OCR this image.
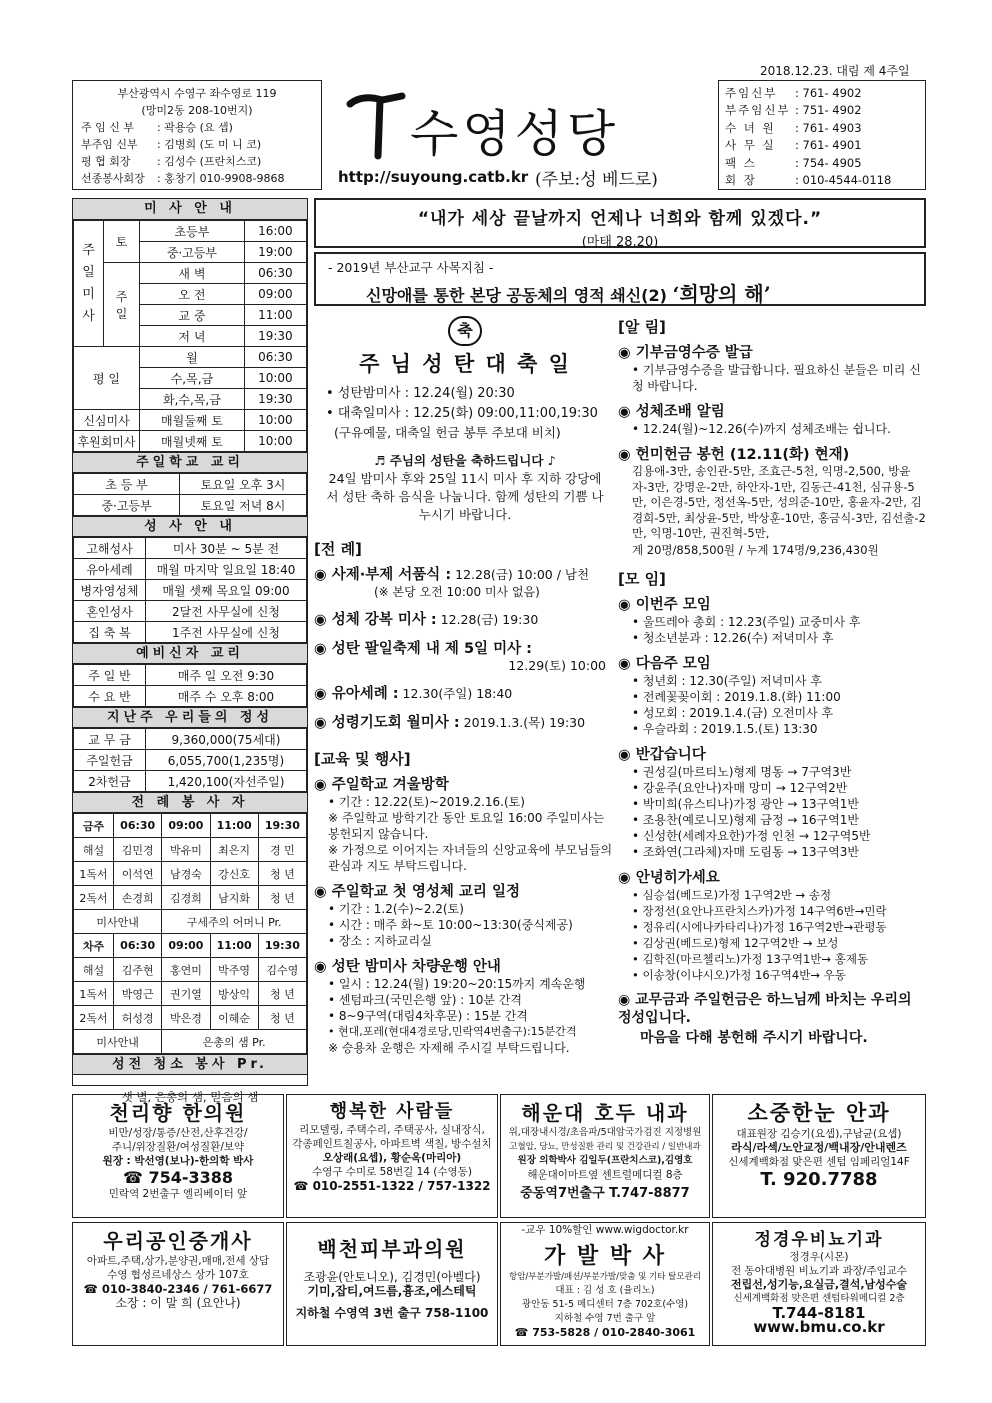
2018.12.23. 대림 제 4주일
부산광역시 수영구 좌수영로 119
(망미2동 208-10번지)
주 임 신 부	: 곽용승 (요 셉)
부주임 신부	: 김병희 (도 미 니 코)
평 협 회장	: 김성수 (프란치스코)
선종봉사회장	: 홍창기 010-9908-9868
수영성당
http://suyoung.catb.kr (주보:성 베드로)
주임신부	: 761- 4902
부주임신부 : 751- 4902
수 녀 원	: 761- 4903
사 무 실	: 761- 4901
팩 스	: 754- 4905
회 장	: 010-4544-0118
미 사 안 내
주
일
미
사	토	초등부	16:00
		중·고등부	19:00
	주
일	새 벽	06:30
		오 전	09:00
		교 중	11:00
		저 녁	19:30
평 일		월	06:30
		수,목,금	10:00
		화,수,목,금	19:30
신심미사		매월둘째 토	10:00
후원회미사		매월넷째 토	10:00
주일학교 교리
초 등 부	토요일 오후 3시
중·고등부	토요일 저녁 8시
성 사 안 내
고해성사	미사 30분 ~ 5분 전
유아세례	매월 마지막 일요일 18:40
병자영성체	매월 셋째 목요일 09:00
혼인성사	2달전 사무실에 신청
집 축 복	1주전 사무실에 신청
예비신자 교리
주 일 반	매주 일 오전 9:30
수 요 반	매주 수 오후 8:00
지난주 우리들의 정성
교 무 금	9,360,000(75세대)
주일헌금	6,055,700(1,235명)
2차헌금	1,420,100(자선주일)
전 례 봉 사 자
금주	06:30	09:00	11:00	19:30
해설	김민경	박유미	최은지	경 민
1독서	이석연	남경숙	강신호	청 년
2독서	손경희	김경희	남지화	청 년
미사안내		구세주의 어머니 Pr.		
차주	06:30	09:00	11:00	19:30
해설	김주현	홍연미	박주영	김수영
1독서	박영근	권기열	방상익	청 년
2독서	허성경	박은경	이혜순	청 년
미사안내		은총의 샘 Pr.		
성전 청소 봉사 Pr.
샛 별, 은총의 샘, 믿음의 샘
“내가 세상 끝날까지 언제나 너희와 함께 있겠다.”
(마태 28,20)
- 2019년 부산교구 사목지침 -
신망애를 통한 본당 공동체의 영적 쇄신(2) ‘희망의 해’
축
주 님 성 탄 대 축 일
• 성탄밤미사 : 12.24(월) 20:30
• 대축일미사 : 12.25(화) 09:00,11:00,19:30
(구유예물, 대축일 헌금 봉투 주보대 비치)
♬ 주님의 성탄을 축하드립니다 ♪
24일 밤미사 후와 25일 11시 미사 후 지하 강당에서 성탄 축하 음식을 나눕니다. 함께 성탄의 기쁨 나누시기 바랍니다.
[전 례]
◉ 사제·부제 서품식 : 12.28(금) 10:00 / 남천
(※ 본당 오전 10:00 미사 없음)
◉ 성체 강복 미사 : 12.28(금) 19:30
◉ 성탄 팔일축제 내 제 5일 미사 :
12.29(토) 10:00
◉ 유아세례 : 12.30(주일) 18:40
◉ 성령기도회 월미사 : 2019.1.3.(목) 19:30
[교육 및 행사]
◉ 주일학교 겨울방학
• 기간 : 12.22(토)~2019.2.16.(토)
※ 주일학교 방학기간 동안 토요일 16:00 주일미사는 봉헌되지 않습니다.
※ 가정으로 이어지는 자녀들의 신앙교육에 부모님들의 관심과 지도 부탁드립니다.
◉ 주일학교 첫 영성체 교리 일정
• 기간 : 1.2(수)~2.2(토)
• 시간 : 매주 화~토 10:00~13:30(중식제공)
• 장소 : 지하교리실
◉ 성탄 밤미사 차량운행 안내
• 일시 : 12.24(월) 19:20~20:15까지 계속운행
• 센텀파크(국민은행 앞) : 10분 간격
• 8~9구역(대림4차후문) : 15분 간격
• 현대,포레(현대4경로당,민락역4번출구):15분간격
※ 승용차 운행은 자제해 주시길 부탁드립니다.
[알 림]
◉ 기부금영수증 발급
• 기부금영수증을 발급합니다. 필요하신 분들은 미리 신청 바랍니다.
◉ 성체조배 알림
• 12.24(월)~12.26(수)까지 성체조배는 쉽니다.
◉ 헌미헌금 봉헌 (12.11(화) 현재)
김용애-3만, 송인관-5만, 조효근-5천, 익명-2,500, 방윤자-3만, 강명운-2만, 하안자-1만, 김동근-41천, 심규용-5만, 이은경-5만, 정선옥-5만, 성의준-10만, 홍윤자-2만, 김경희-5만, 최상윤-5만, 박상훈-10만, 홍금식-3만, 김선출-2만, 익명-10만, 권진혁-5만,
계 20명/858,500원 / 누계 174명/9,236,430원
[모 임]
◉ 이번주 모임
• 울뜨레아 총회 : 12.23(주일) 교중미사 후
• 청소년분과 : 12.26(수) 저녁미사 후
◉ 다음주 모임
• 청년회 : 12.30(주일) 저녁미사 후
• 전례꽃꽂이회 : 2019.1.8.(화) 11:00
• 성모회 : 2019.1.4.(금) 오전미사 후
• 우슬라회 : 2019.1.5.(토) 13:30
◉ 반갑습니다
• 권성길(마르티노)형제 명동 → 7구역3반
• 강윤주(요안나)자매 망미 → 12구역2반
• 박미희(유스티나)가정 광안 → 13구역1반
• 조용찬(예로니모)형제 금정 → 16구역1반
• 신성한(세례자요한)가정 인천 → 12구역5반
• 조화연(그라체)자매 도림동 → 13구역3반
◉ 안녕히가세요
• 심승섭(베드로)가정 1구역2반 → 송정
• 장정선(요안나프란치스카)가정 14구역6반→민락
• 정유리(시에나카타리나)가정 16구역2반→관평동
• 김상권(베드로)형제 12구역2반 → 보성
• 김학진(마르첼리노)가정 13구역1반→ 홍제동
• 이송창(이냐시오)가정 16구역4반→ 우동
◉ 교무금과 주일헌금은 하느님께 바치는 우리의 정성입니다.
마음을 다해 봉헌해 주시기 바랍니다.
천리향 한의원
비만/성장/통증/산전,산후건강/
주니/위장질환/여성질환/보약
원장 : 박선영(보나)-한의학 박사
☎ 754-3388
민락역 2번출구 엘리베이터 앞
행복한 사람들
리모델링, 주택수리, 주택공사, 실내장식,
각종페인트칠공사, 아파트벽 색칠, 방수설치
오상래(요셉), 황순옥(마리아)
수영구 수미로 58번길 14 (수영동)
☎ 010-2551-1322 / 757-1322
해운대 호두 내과
위,대장내시경/초음파/5대암국가검진 지정병원
고혈압, 당뇨, 만성질환 관리 및 건강관리 / 일반내과
원장 의학박사 김일두(프란치스코),김영호
해운대이마트옆 센트럴메디컬 8층
중동역7번출구 T.747-8877
소중한눈 안과
대표원장 김승기(요셉),구남균(요셉)
라식/라섹/노안교정/백내장/안내렌즈
신세계백화점 맞은편 센텀 임페리얼14F
T. 920.7788
우리공인중개사
아파트,주택,상가,분양권,매매,전세 상담
수영 협성르네상스 상가 107호
☎ 010-3840-2346 / 761-6677
소장 : 이 말 희 (요안나)
백천피부과의원
조광윤(안토니오), 김경민(아벨다)
기미,잡티,여드름,흉조,에스테틱
지하철 수영역 3번 출구 758-1100
-교우 10%할인 www.wigdoctor.kr
가 발 박 사
항암/부분가발/패션/부분가발/맞춤 및 기타 탈모관리
대표 : 김 성 호 (율리노)
광안동 51-5 메디센터 7층 702호(수영)
지하철 수영 7번 출구 앞
☎ 753-5828 / 010-2840-3061
정경우비뇨기과
정경우(시몬)
전 동아대병원 비뇨기과 과장/주임교수
전립선,성기능,요실금,결석,남성수술
신세계백화점 맞은편 센텀타워메디컬 2층
T.744-8181 www.bmu.co.kr
